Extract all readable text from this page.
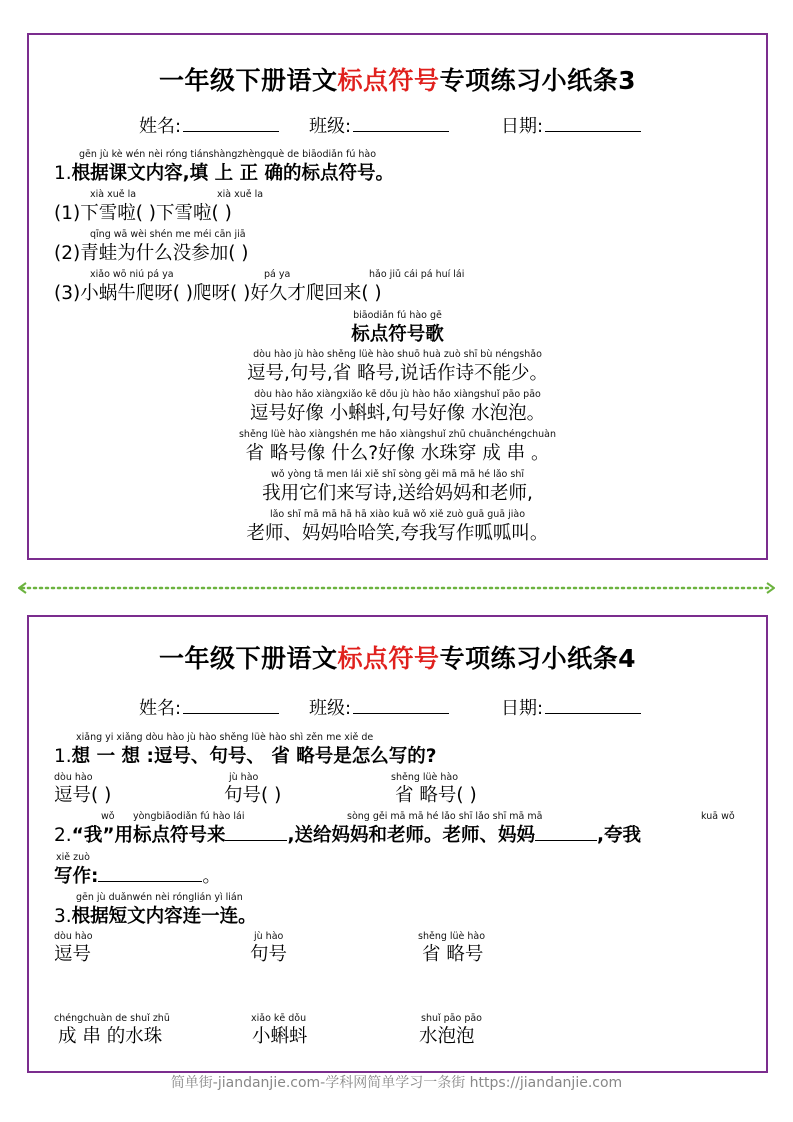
一年级下册语文标点符号专项练习小纸条3
姓名:	班级:	日期:
gēn jù kè wén nèi róng tiánshàngzhèngquè de biāodiǎn fú hào
1.根据课文内容,填 上 正 确的标点符号。
xià xuě la	xià xuě la
(1)下雪啦( )下雪啦( )
qīng wā wèi shén me méi cān jiā
(2)青蛙为什么没参加( )
xiǎo wō niú pá ya	pá ya	hǎo jiǔ cái pá huí lái
(3)小蜗牛爬呀( )爬呀( )好久才爬回来( )
biāodiǎn fú hào gē
标点符号歌
dòu hào jù hào shěng lüè hào shuō huà zuò shī bù néngshǎo
逗号,句号,省 略号,说话作诗不能少。
dòu hào hǎo xiàngxiǎo kē dǒu jù hào hǎo xiàngshuǐ pāo pāo
逗号好像 小蝌蚪,句号好像 水泡泡。
shěng lüè hào xiàngshén me hǎo xiàngshuǐ zhū chuānchéngchuàn
省 略号像 什么?好像 水珠穿 成 串 。
wǒ yòng tā men lái xiě shī sòng gěi mā mā hé lǎo shī
我用它们来写诗,送给妈妈和老师,
lǎo shī mā mā hā hā xiào kuā wǒ xiě zuò guā guā jiào
老师、妈妈哈哈笑,夸我写作呱呱叫。
一年级下册语文标点符号专项练习小纸条4
姓名:	班级:	日期:
xiǎng yi xiǎng dòu hào jù hào shěng lüè hào shì zěn me xiě de
1.想 一 想 :逗号、句号、 省 略号是怎么写的?
dòu hào
逗号( )
jù hào
句号( )
shěng lüè hào
省 略号( )
wǒ yòngbiāodiǎn fú hào lái	sòng gěi mā mā hé lǎo shī lǎo shī mā mā	kuā wǒ
2.“我”用标点符号来	,送给妈妈和老师。老师、妈妈	,夸我
xiě zuò
写作:	。
gēn jù duǎnwén nèi rónglián yì lián
3.根据短文内容连一连。
dòu hào
逗号
jù hào
句号
shěng lüè hào
省 略号
chéngchuàn de shuǐ zhū
成 串 的水珠
xiǎo kē dǒu
小蝌蚪
shuǐ pāo pāo
水泡泡
简单街-jiandanjie.com-学科网简单学习一条街 https://jiandanjie.com
